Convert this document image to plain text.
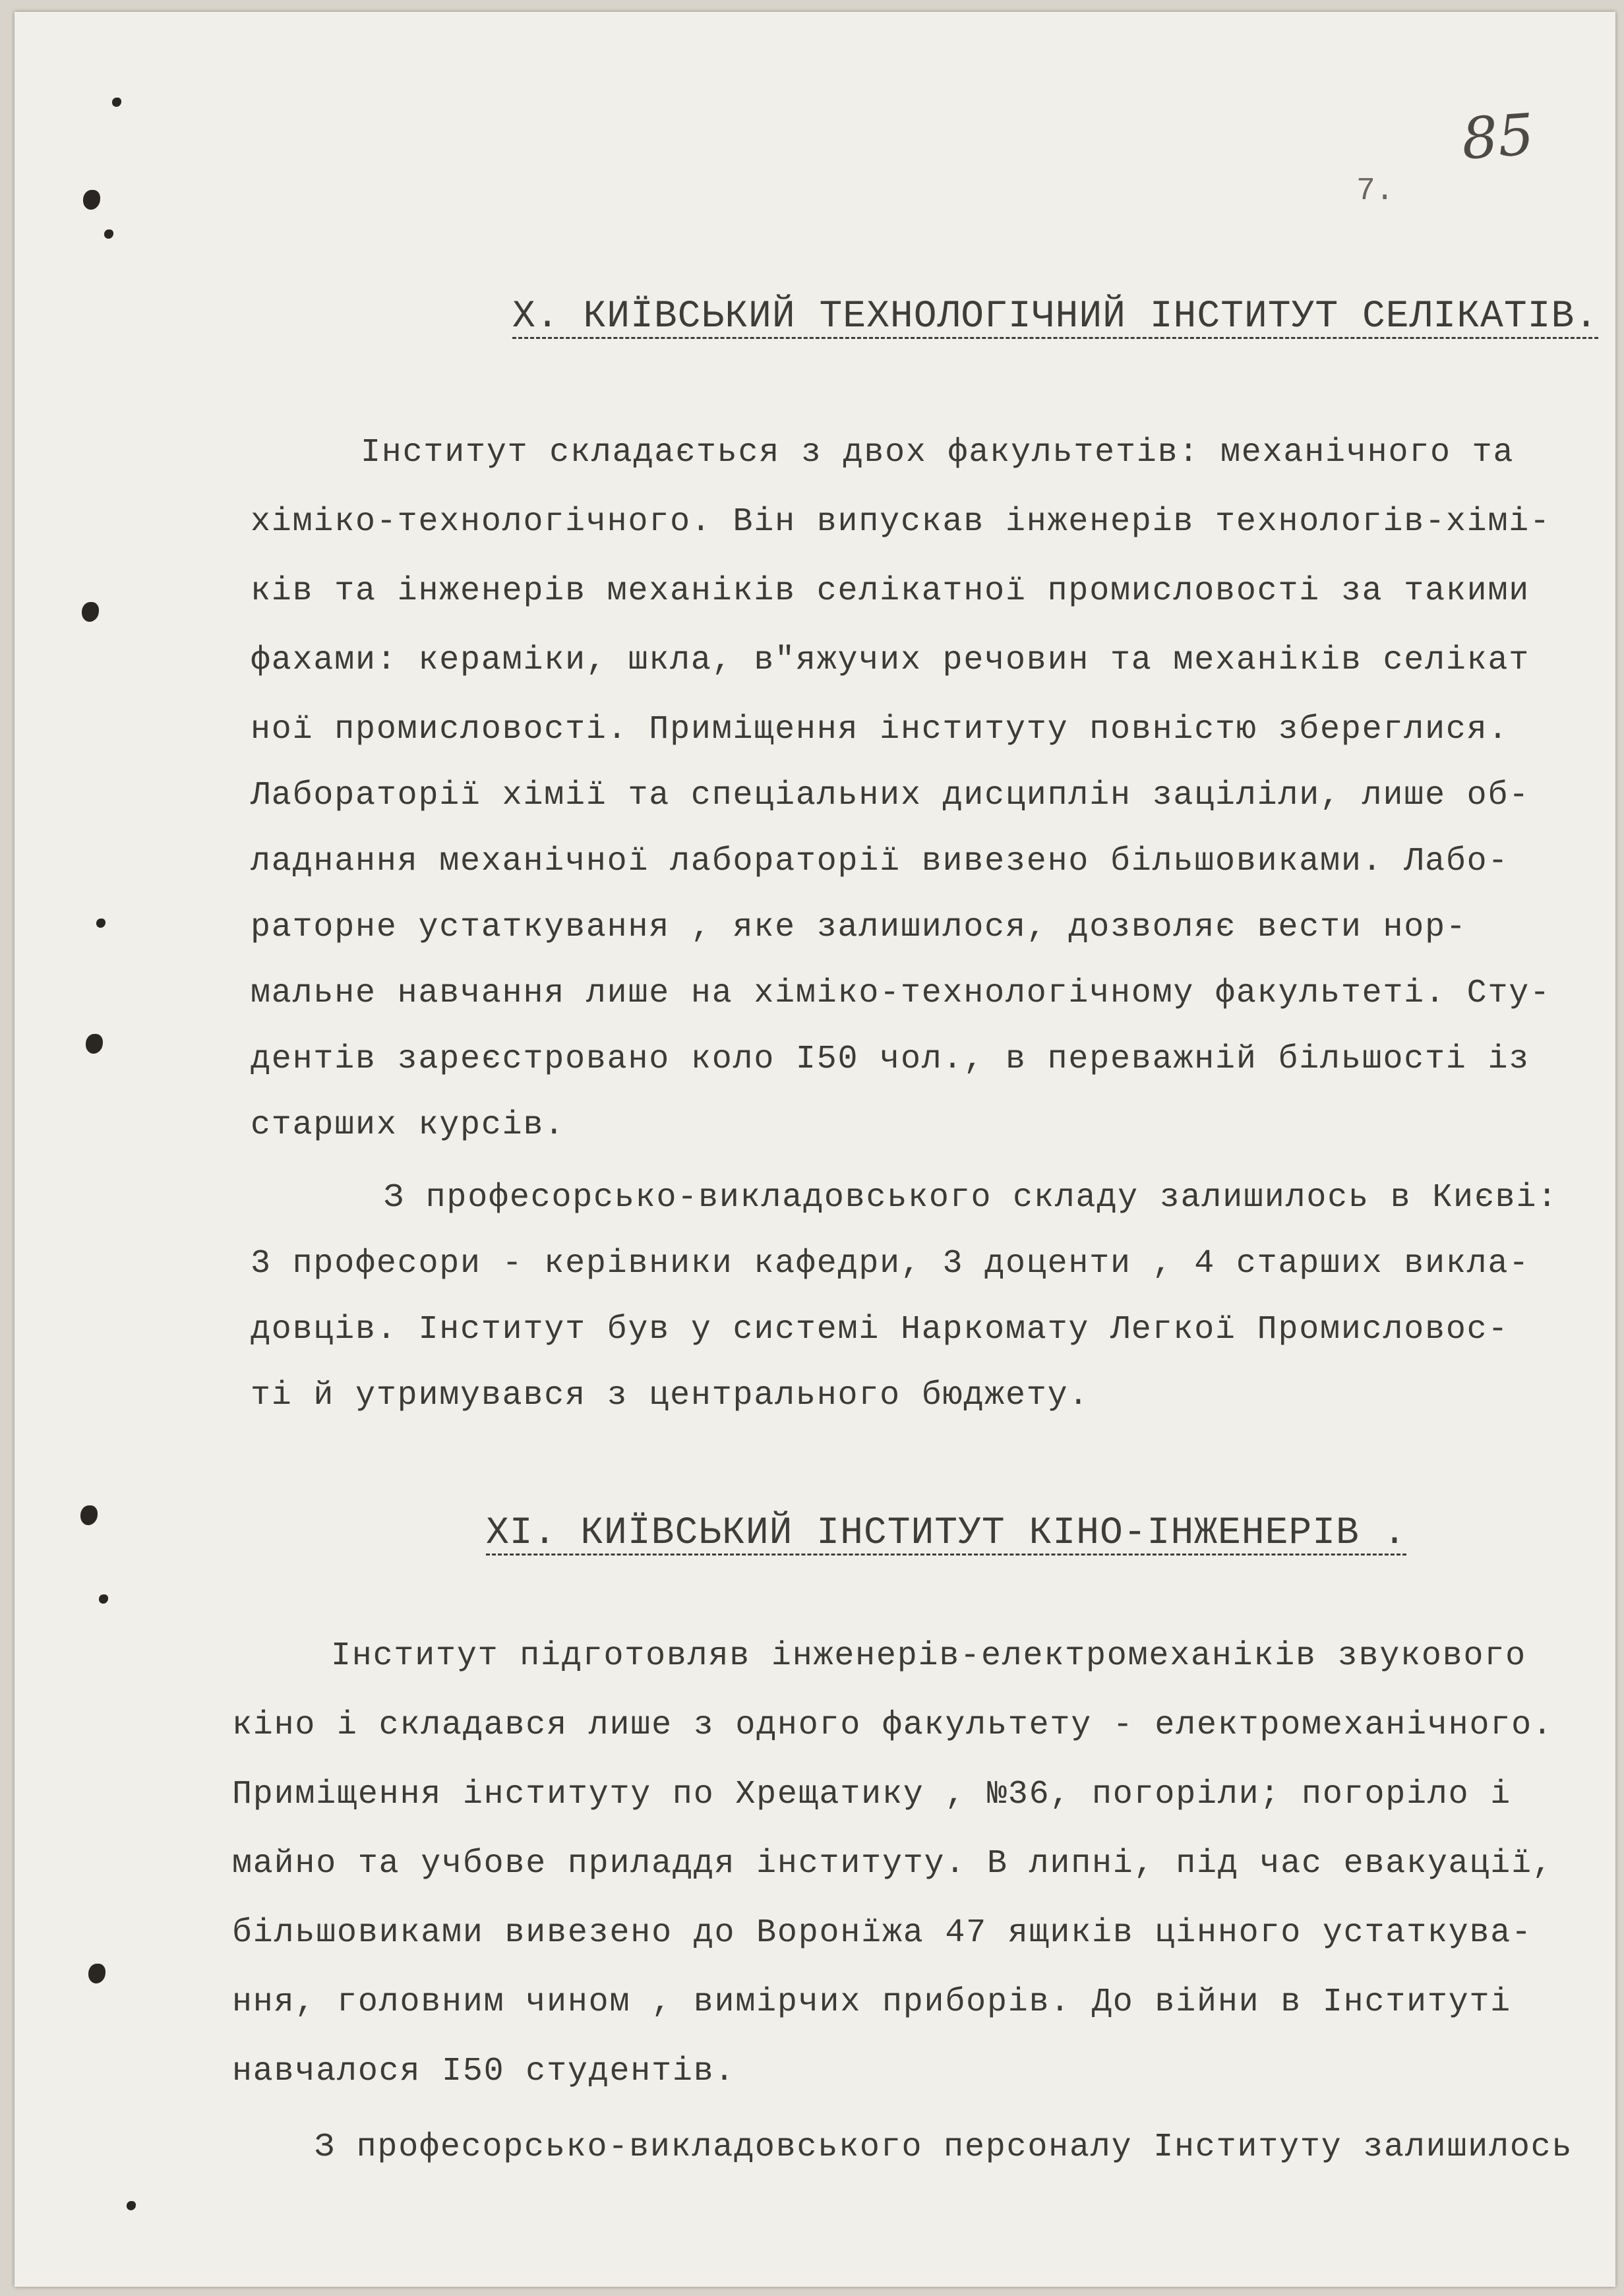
85
7.
Х. КИЇВСЬКИЙ ТЕХНОЛОГІЧНИЙ ІНСТИТУТ СЕЛІКАТІВ.
Інститут складається з двох факультетів: механічного та
хіміко-технологічного. Він випускав інженерів технологів-хімі-
ків та інженерів механіків селікатної промисловості за такими
фахами: кераміки, шкла, в"яжучих речовин та механіків селікат
ної промисловості. Приміщення інституту повністю збереглися.
Лабораторії хімії та спеціальних дисциплін заціліли, лише об-
ладнання механічної лабораторії вивезено більшовиками. Лабо-
раторне устаткування , яке залишилося, дозволяє вести нор-
мальне навчання лише на хіміко-технологічному факультеті. Сту-
дентів зареєстровано коло І50 чол., в переважній більшості із
старших курсів.
З професорсько-викладовського складу залишилось в Києві:
3 професори - керівники кафедри, 3 доценти , 4 старших викла-
довців. Інститут був у системі Наркомату Легкої Промисловос-
ті й утримувався з центрального бюджету.
ХІ. КИЇВСЬКИЙ ІНСТИТУТ КІНО-ІНЖЕНЕРІВ .
Інститут підготовляв інженерів-електромеханіків звукового
кіно і складався лише з одного факультету - електромеханічного.
Приміщення інституту по Хрещатику , №36, погоріли; погоріло і
майно та учбове приладдя інституту. В липні, під час евакуації,
більшовиками вивезено до Воронїжа 47 ящиків цінного устаткува-
ння, головним чином , вимірчих приборів. До війни в Інституті
навчалося І50 студентів.
З професорсько-викладовського персоналу Інституту залишилось
